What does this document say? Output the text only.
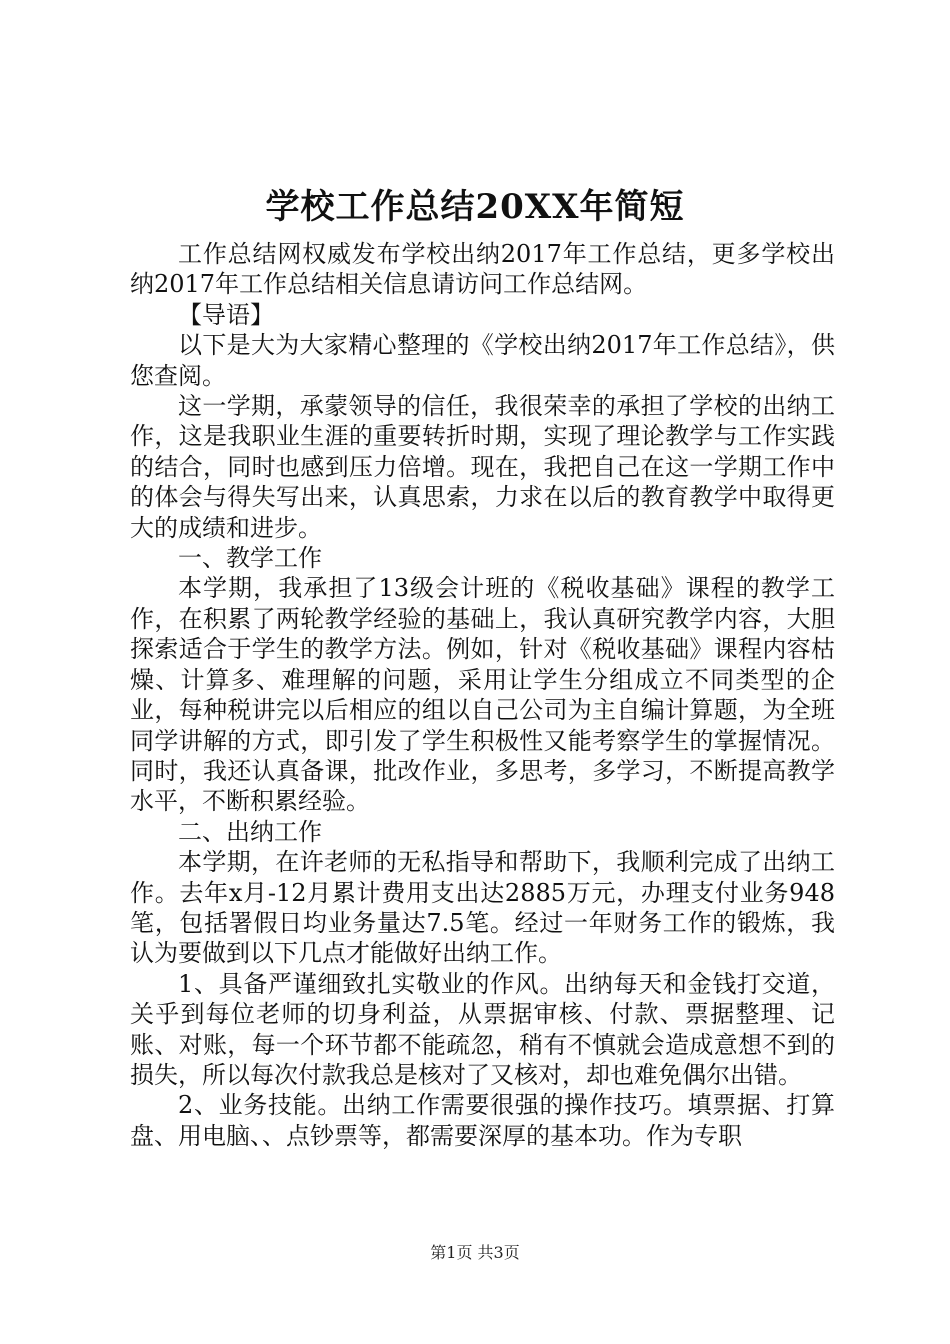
学校工作总结20XX年简短

工作总结网权威发布学校出纳2017年工作总结，更多学校出纳2017年工作总结相关信息请访问工作总结网。

【导语】

以下是大为大家精心整理的《学校出纳2017年工作总结》，供您查阅。

这一学期，承蒙领导的信任，我很荣幸的承担了学校的出纳工作，这是我职业生涯的重要转折时期，实现了理论教学与工作实践的结合，同时也感到压力倍增。现在，我把自己在这一学期工作中的体会与得失写出来，认真思索，力求在以后的教育教学中取得更大的成绩和进步。

一、教学工作

本学期，我承担了13级会计班的《税收基础》课程的教学工作，在积累了两轮教学经验的基础上，我认真研究教学内容，大胆探索适合于学生的教学方法。例如，针对《税收基础》课程内容枯燥、计算多、难理解的问题，采用让学生分组成立不同类型的企业，每种税讲完以后相应的组以自己公司为主自编计算题，为全班同学讲解的方式，即引发了学生积极性又能考察学生的掌握情况。同时，我还认真备课，批改作业，多思考，多学习，不断提高教学水平，不断积累经验。

二、出纳工作

本学期，在许老师的无私指导和帮助下，我顺利完成了出纳工作。去年x月-12月累计费用支出达2885万元，办理支付业务948笔，包括署假日均业务量达7.5笔。经过一年财务工作的锻炼，我认为要做到以下几点才能做好出纳工作。

1、具备严谨细致扎实敬业的作风。出纳每天和金钱打交道，关乎到每位老师的切身利益，从票据审核、付款、票据整理、记账、对账，每一个环节都不能疏忽，稍有不慎就会造成意想不到的损失，所以每次付款我总是核对了又核对，却也难免偶尔出错。

2、业务技能。出纳工作需要很强的操作技巧。填票据、打算盘、用电脑、、点钞票等，都需要深厚的基本功。作为专职

第1页 共3页
